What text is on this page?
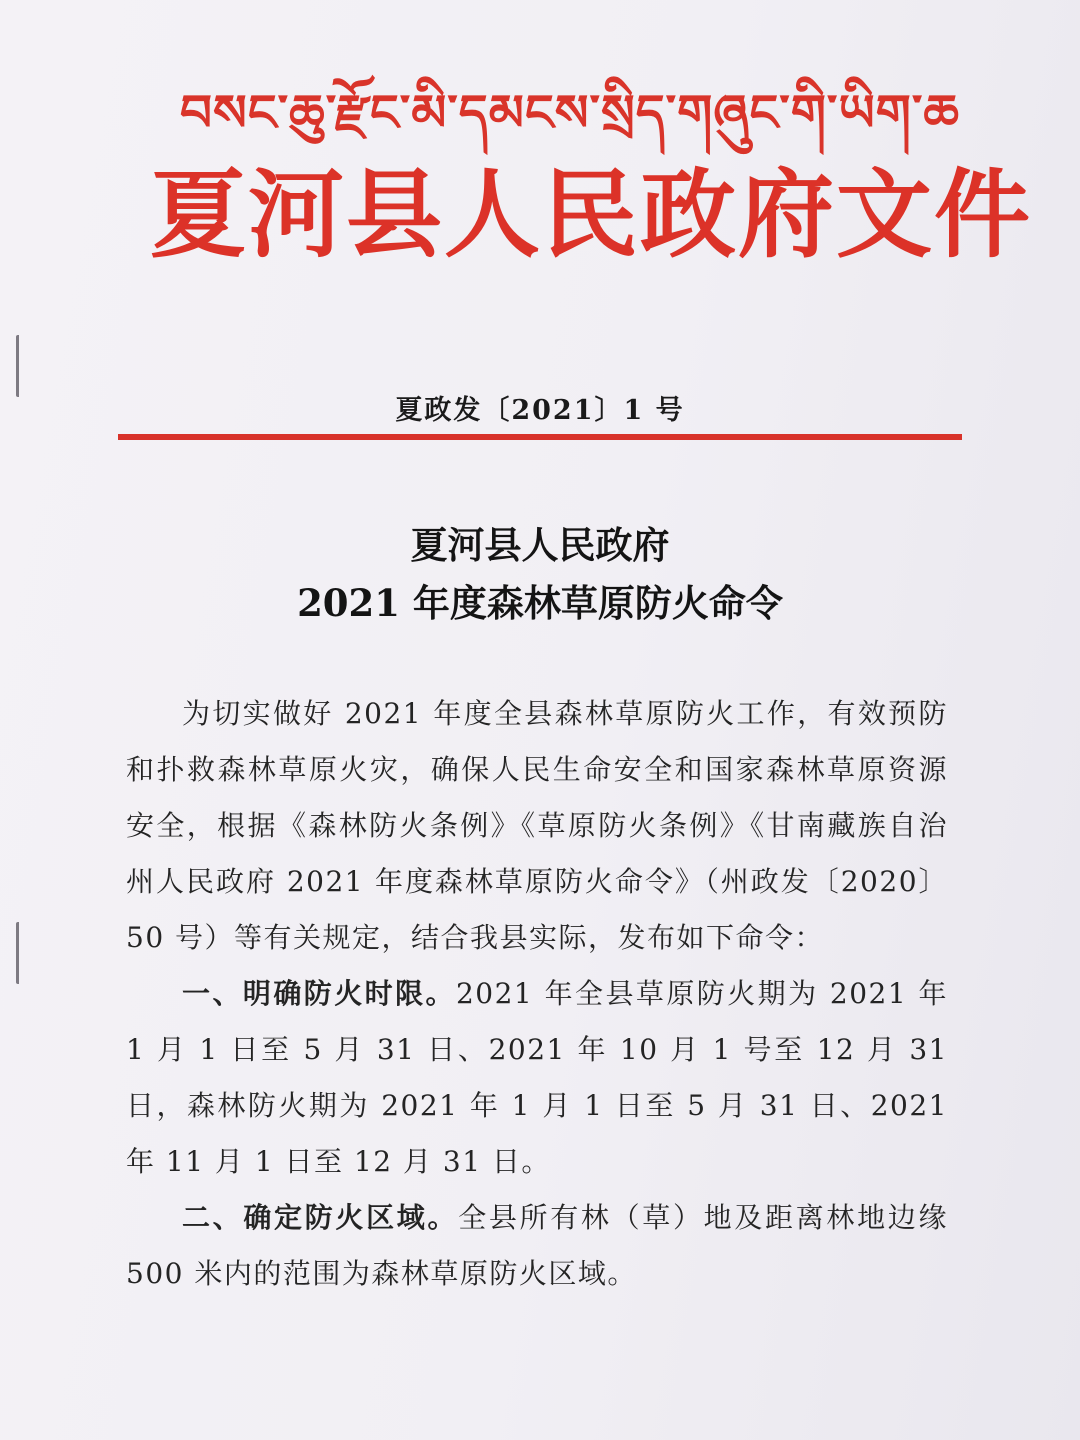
བསང་ཆུ་རྫོང་མི་དམངས་སྲིད་གཞུང་གི་ཡིག་ཆ
夏河县人民政府文件
夏政发〔2021〕1 号
夏河县人民政府
2021 年度森林草原防火命令

为切实做好 2021 年度全县森林草原防火工作，有效预防和扑救森林草原火灾，确保人民生命安全和国家森林草原资源安全，根据《森林防火条例》《草原防火条例》《甘南藏族自治州人民政府 2021 年度森林草原防火命令》（州政发〔2020〕50 号）等有关规定，结合我县实际，发布如下命令：

一、明确防火时限。2021 年全县草原防火期为 2021 年 1 月 1 日至 5 月 31 日、2021 年 10 月 1 号至 12 月 31 日，森林防火期为 2021 年 1 月 1 日至 5 月 31 日、2021 年 11 月 1 日至 12 月 31 日。

二、确定防火区域。全县所有林（草）地及距离林地边缘 500 米内的范围为森林草原防火区域。
